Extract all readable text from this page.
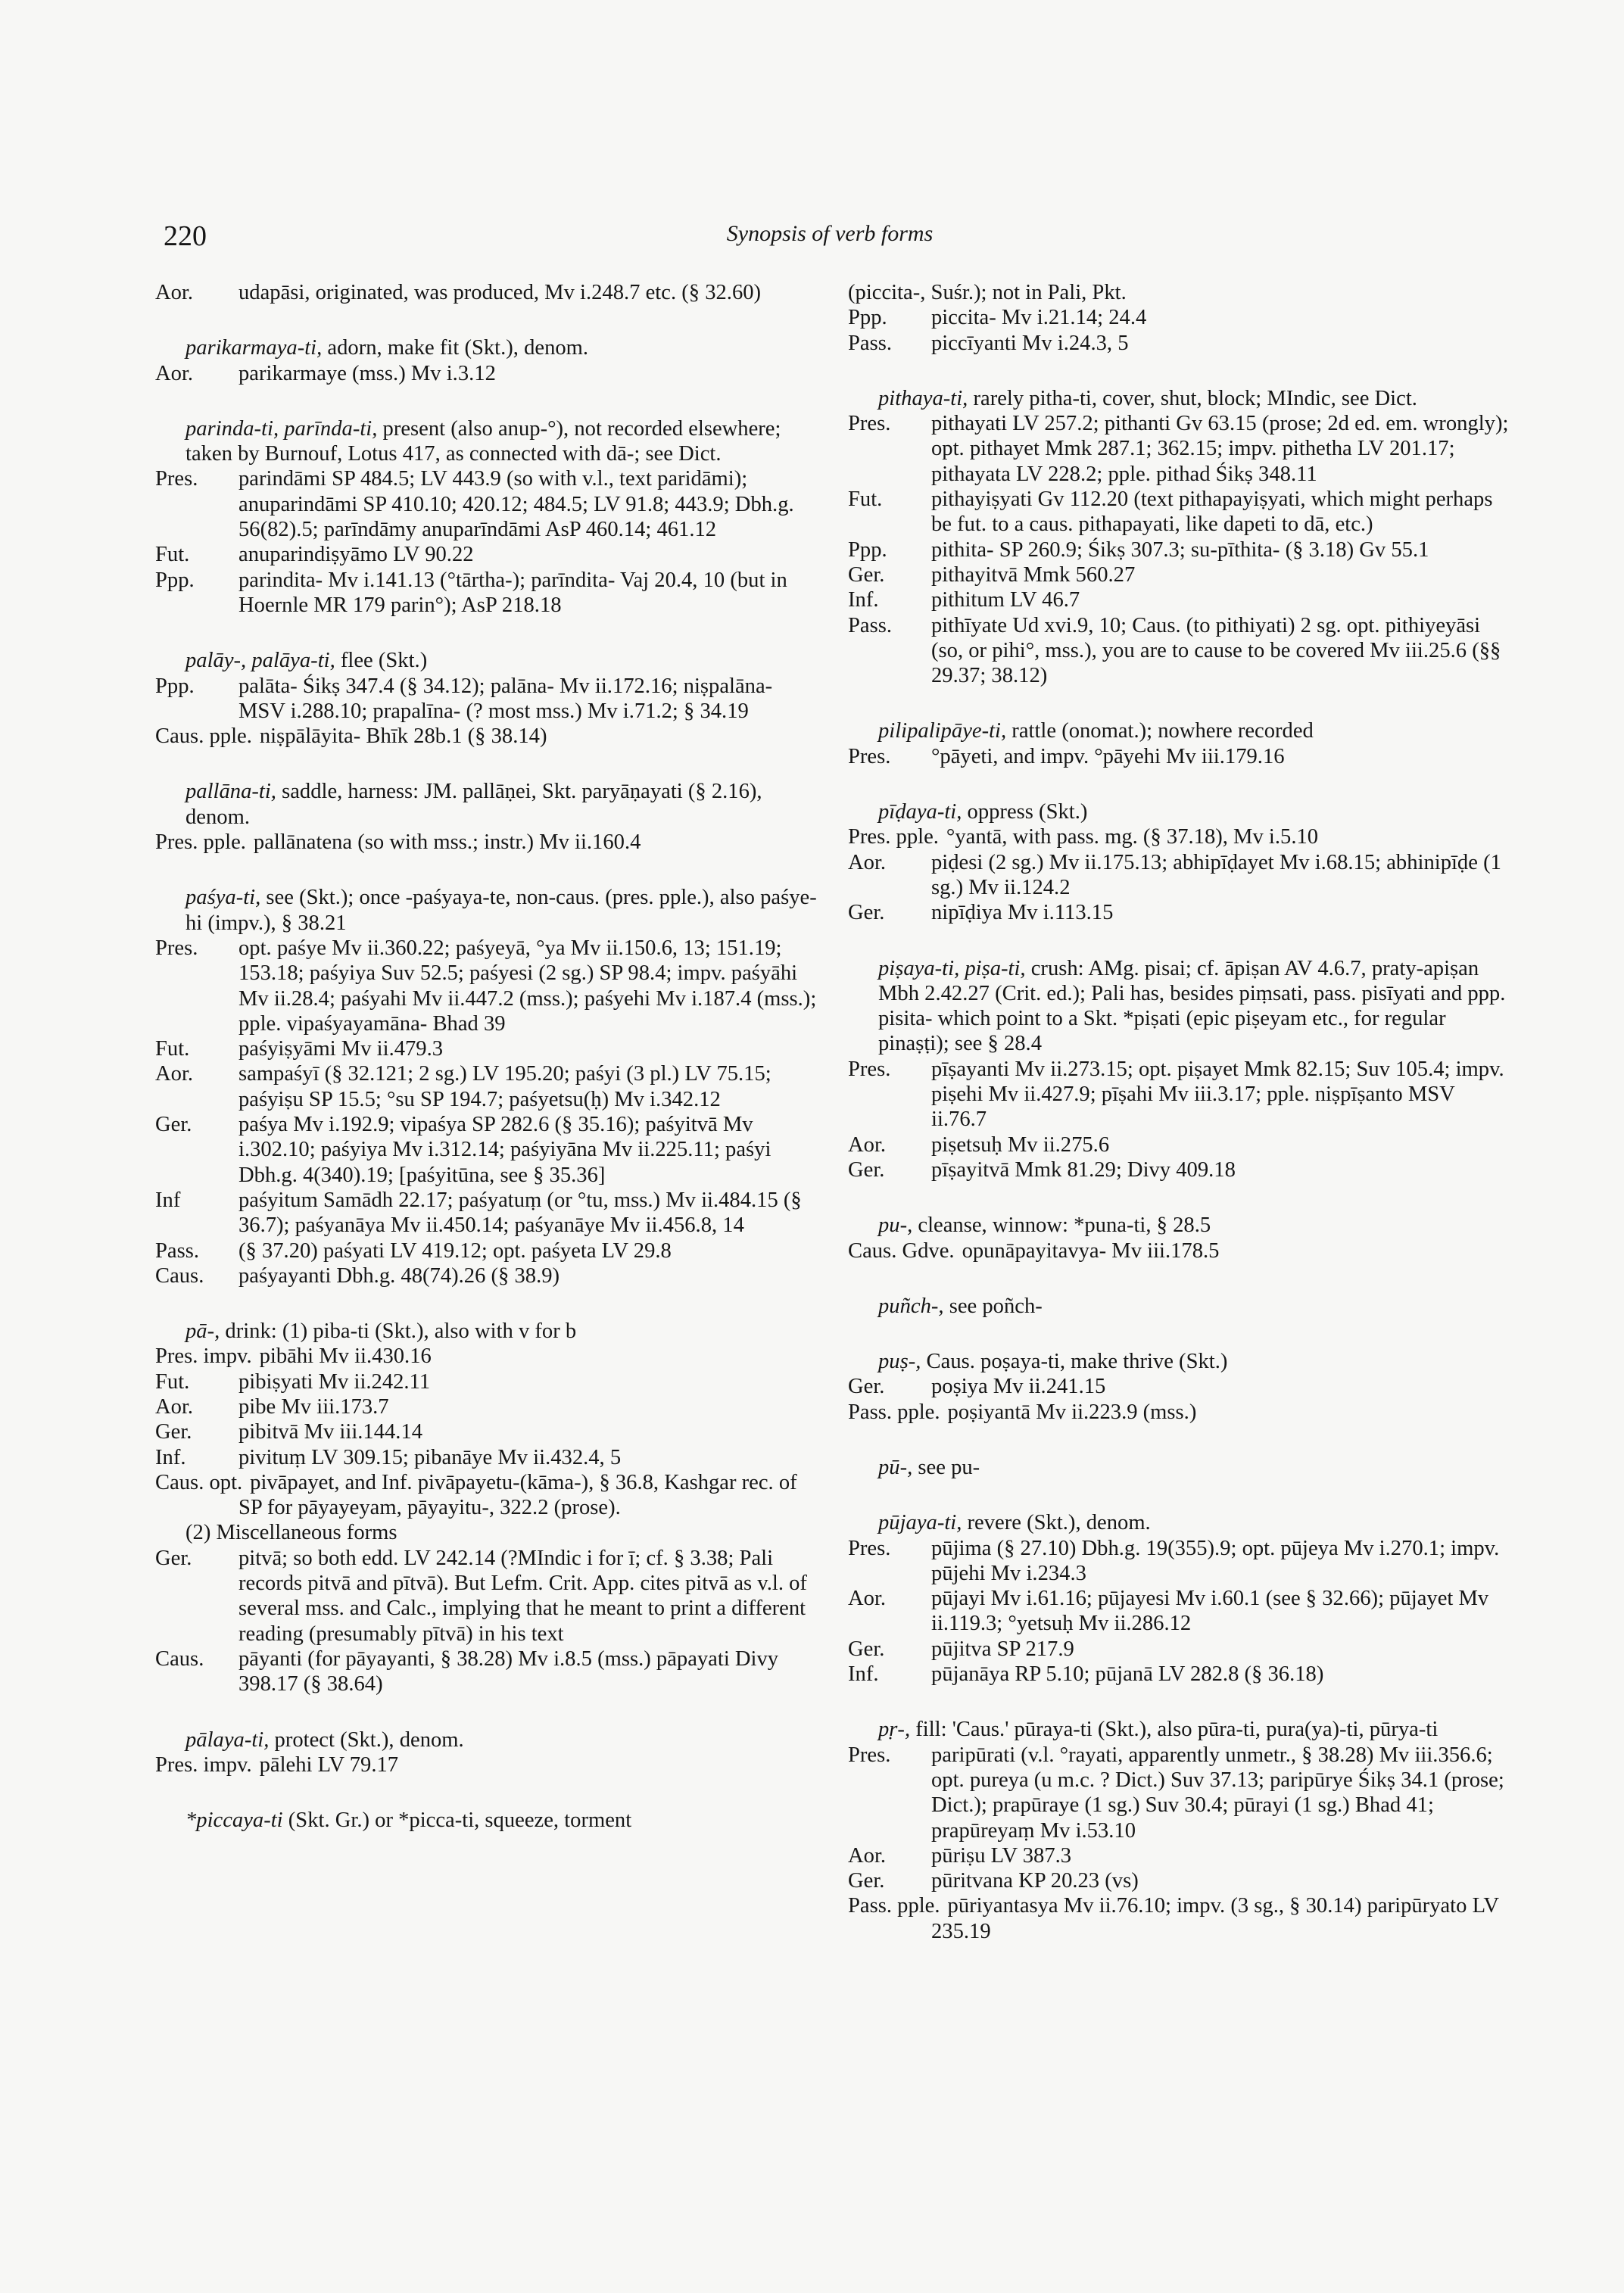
220	Synopsis of verb forms
Aor. udapāsi, originated, was produced, Mv i.248.7 etc. (§ 32.60)
parikarmaya-ti, adorn, make fit (Skt.), denom.
Aor. parikarmaye (mss.) Mv i.3.12
parinda-ti, parīnda-ti, present (also anup-°), not recorded elsewhere; taken by Burnouf, Lotus 417, as connected with dā-; see Dict.
Pres. parindāmi SP 484.5; LV 443.9 (so with v.l., text paridāmi); anuparindāmi SP 410.10; 420.12; 484.5; LV 91.8; 443.9; Dbh.g. 56(82).5; parīndāmy anuparīndāmi AsP 460.14; 461.12
Fut. anuparindiṣyāmo LV 90.22
Ppp. parindita- Mv i.141.13 (°tārtha-); parīndita- Vaj 20.4, 10 (but in Hoernle MR 179 parin°); AsP 218.18
palāy-, palāya-ti, flee (Skt.)
Ppp. palāta- Śikṣ 347.4 (§ 34.12); palāna- Mv ii.172.16; niṣpalāna- MSV i.288.10; prapalīna- (? most mss.) Mv i.71.2; § 34.19
Caus. pple. niṣpālāyita- Bhīk 28b.1 (§ 38.14)
pallāna-ti, saddle, harness: JM. pallāṇei, Skt. paryāṇayati (§ 2.16), denom.
Pres. pple. pallānatena (so with mss.; instr.) Mv ii.160.4
paśya-ti, see (Skt.); once -paśyaya-te, non-caus. (pres. pple.), also paśye-hi (impv.), § 38.21
Pres. opt. paśye Mv ii.360.22; paśyeyā, °ya Mv ii.150.6, 13; 151.19; 153.18; paśyiya Suv 52.5; paśyesi (2 sg.) SP 98.4; impv. paśyāhi Mv ii.28.4; paśyahi Mv ii.447.2 (mss.); paśyehi Mv i.187.4 (mss.); pple. vipaśyayamāna- Bhad 39
Fut. paśyiṣyāmi Mv ii.479.3
Aor. sampaśyī (§ 32.121; 2 sg.) LV 195.20; paśyi (3 pl.) LV 75.15; paśyiṣu SP 15.5; °su SP 194.7; paśyetsu(ḥ) Mv i.342.12
Ger. paśya Mv i.192.9; vipaśya SP 282.6 (§ 35.16); paśyitvā Mv i.302.10; paśyiya Mv i.312.14; paśyiyāna Mv ii.225.11; paśyi Dbh.g. 4(340).19; [paśyitūna, see § 35.36]
Inf	paśyitum Samādh 22.17; paśyatuṃ (or °tu, mss.) Mv ii.484.15 (§ 36.7); paśyanāya Mv ii.450.14; paśyanāye Mv ii.456.8, 14
Pass. (§ 37.20) paśyati LV 419.12; opt. paśyeta LV 29.8
Caus. paśyayanti Dbh.g. 48(74).26 (§ 38.9)
pā-, drink: (1) piba-ti (Skt.), also with v for b
Pres. impv. pibāhi Mv ii.430.16
Fut. pibiṣyati Mv ii.242.11
Aor. pibe Mv iii.173.7
Ger. pibitvā Mv iii.144.14
Inf. pivituṃ LV 309.15; pibanāye Mv ii.432.4, 5
Caus. opt. pivāpayet, and Inf. pivāpayetu-(kāma-), § 36.8, Kashgar rec. of SP for pāyayeyam, pāyayitu-, 322.2 (prose).
(2) Miscellaneous forms
Ger. pitvā; so both edd. LV 242.14 (?MIndic i for ī; cf. § 3.38; Pali records pitvā and pītvā). But Lefm. Crit. App. cites pitvā as v.l. of several mss. and Calc., implying that he meant to print a different reading (presumably pītvā) in his text
Caus. pāyanti (for pāyayanti, § 38.28) Mv i.8.5 (mss.) pāpayati Divy 398.17 (§ 38.64)
pālaya-ti, protect (Skt.), denom.
Pres. impv. pālehi LV 79.17
*piccaya-ti (Skt. Gr.) or *picca-ti, squeeze, torment
(piccita-, Suśr.); not in Pali, Pkt.
Ppp. piccita- Mv i.21.14; 24.4
Pass. piccīyanti Mv i.24.3, 5
pithaya-ti, rarely pitha-ti, cover, shut, block; MIndic, see Dict.
Pres. pithayati LV 257.2; pithanti Gv 63.15 (prose; 2d ed. em. wrongly); opt. pithayet Mmk 287.1; 362.15; impv. pithetha LV 201.17; pithayata LV 228.2; pple. pithad Śikṣ 348.11
Fut. pithayiṣyati Gv 112.20 (text pithapayiṣyati, which might perhaps be fut. to a caus. pithapayati, like dapeti to dā, etc.)
Ppp. pithita- SP 260.9; Śikṣ 307.3; su-pīthita- (§ 3.18) Gv 55.1
Ger. pithayitvā Mmk 560.27
Inf. pithitum LV 46.7
Pass. pithīyate Ud xvi.9, 10; Caus. (to pithiyati) 2 sg. opt. pithiyeyāsi (so, or pihi°, mss.), you are to cause to be covered Mv iii.25.6 (§§ 29.37; 38.12)
pilipalipāye-ti, rattle (onomat.); nowhere recorded
Pres. °pāyeti, and impv. °pāyehi Mv iii.179.16
pīḍaya-ti, oppress (Skt.)
Pres. pple. °yantā, with pass. mg. (§ 37.18), Mv i.5.10
Aor. piḍesi (2 sg.) Mv ii.175.13; abhipīḍayet Mv i.68.15; abhinipīḍe (1 sg.) Mv ii.124.2
Ger. nipīḍiya Mv i.113.15
piṣaya-ti, piṣa-ti, crush: AMg. pisai; cf. āpiṣan AV 4.6.7, praty-apiṣan Mbh 2.42.27 (Crit. ed.); Pali has, besides piṃsati, pass. pisīyati and ppp. pisita- which point to a Skt. *piṣati (epic piṣeyam etc., for regular pinaṣṭi); see § 28.4
Pres. pīṣayanti Mv ii.273.15; opt. piṣayet Mmk 82.15; Suv 105.4; impv. piṣehi Mv ii.427.9; pīṣahi Mv iii.3.17; pple. niṣpīṣanto MSV ii.76.7
Aor. piṣetsuḥ Mv ii.275.6
Ger. pīṣayitvā Mmk 81.29; Divy 409.18
pu-, cleanse, winnow: *puna-ti, § 28.5
Caus. Gdve. opunāpayitavya- Mv iii.178.5
puñch-, see poñch-
puṣ-, Caus. poṣaya-ti, make thrive (Skt.)
Ger. poṣiya Mv ii.241.15
Pass. pple. poṣiyantā Mv ii.223.9 (mss.)
pū-, see pu-
pūjaya-ti, revere (Skt.), denom.
Pres. pūjima (§ 27.10) Dbh.g. 19(355).9; opt. pūjeya Mv i.270.1; impv. pūjehi Mv i.234.3
Aor. pūjayi Mv i.61.16; pūjayesi Mv i.60.1 (see § 32.66); pūjayet Mv ii.119.3; °yetsuḥ Mv ii.286.12
Ger. pūjitva SP 217.9
Inf. pūjanāya RP 5.10; pūjanā LV 282.8 (§ 36.18)
pṛ-, fill: 'Caus.' pūraya-ti (Skt.), also pūra-ti, pura(ya)-ti, pūrya-ti
Pres. paripūrati (v.l. °rayati, apparently unmetr., § 38.28) Mv iii.356.6; opt. pureya (u m.c. ? Dict.) Suv 37.13; paripūrye Śikṣ 34.1 (prose; Dict.); prapūraye (1 sg.) Suv 30.4; pūrayi (1 sg.) Bhad 41; prapūreyaṃ Mv i.53.10
Aor. pūriṣu LV 387.3
Ger. pūritvana KP 20.23 (vs)
Pass. pple. pūriyantasya Mv ii.76.10; impv. (3 sg., § 30.14) paripūryato LV 235.19
